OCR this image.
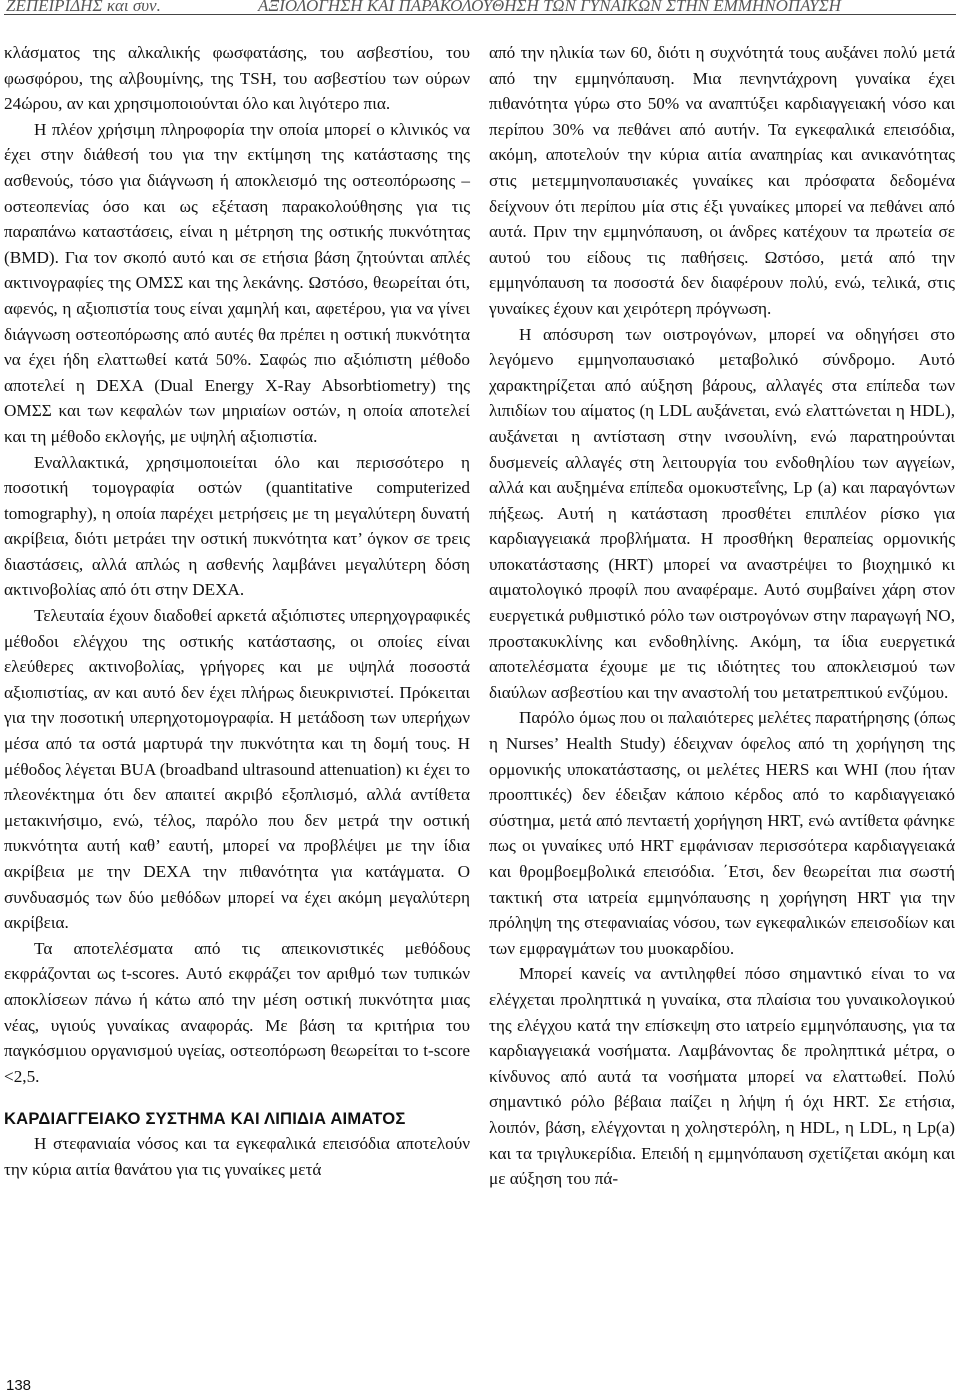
ΖΕΠΕΙΡΙΔΗΣ και συν.	ΑΞΙΟΛΟΓΗΣΗ ΚΑΙ ΠΑΡΑΚΟΛΟΥΘΗΣΗ ΤΩΝ ΓΥΝΑΙΚΩΝ ΣΤΗΝ ΕΜΜΗΝΟΠΑΥΣΗ

κλάσματος της αλκαλικής φωσφατάσης, του ασβεστίου, του φωσφόρου, της αλβουμίνης, της TSH, του ασβεστίου των ούρων 24ώρου, αν και χρησιμοποιούνται όλο και λιγότερο πια.

Η πλέον χρήσιμη πληροφορία την οποία μπορεί ο κλινικός να έχει στην διάθεσή του για την εκτίμηση της κατάστασης της ασθενούς, τόσο για διάγνωση ή αποκλεισμό της οστεοπόρωσης – οστεοπενίας όσο και ως εξέταση παρακολούθησης για τις παραπάνω καταστάσεις, είναι η μέτρηση της οστικής πυκνότητας (BMD). Για τον σκοπό αυτό και σε ετήσια βάση ζητούνται απλές ακτινογραφίες της ΟΜΣΣ και της λεκάνης. Ωστόσο, θεωρείται ότι, αφενός, η αξιοπιστία τους είναι χαμηλή και, αφετέρου, για να γίνει διάγνωση οστεοπόρωσης από αυτές θα πρέπει η οστική πυκνότητα να έχει ήδη ελαττωθεί κατά 50%. Σαφώς πιο αξιόπιστη μέθοδο αποτελεί η DEXA (Dual Energy X-Ray Absorbtiometry) της ΟΜΣΣ και των κεφαλών των μηριαίων οστών, η οποία αποτελεί και τη μέθοδο εκλογής, με υψηλή αξιοπιστία.

Εναλλακτικά, χρησιμοποιείται όλο και περισσότερο η ποσοτική τομογραφία οστών (quantitative computerized tomography), η οποία παρέχει μετρήσεις με τη μεγαλύτερη δυνατή ακρίβεια, διότι μετράει την οστική πυκνότητα κατ’ όγκον σε τρεις διαστάσεις, αλλά απλώς η ασθενής λαμβάνει μεγαλύτερη δόση ακτινοβολίας από ότι στην DEXA.

Τελευταία έχουν διαδοθεί αρκετά αξιόπιστες υπερηχογραφικές μέθοδοι ελέγχου της οστικής κατάστασης, οι οποίες είναι ελεύθερες ακτινοβολίας, γρήγορες και με υψηλά ποσοστά αξιοπιστίας, αν και αυτό δεν έχει πλήρως διευκρινιστεί. Πρόκειται για την ποσοτική υπερηχοτομογραφία. Η μετάδοση των υπερήχων μέσα από τα οστά μαρτυρά την πυκνότητα και τη δομή τους. Η μέθοδος λέγεται BUA (broadband ultrasound attenuation) κι έχει το πλεονέκτημα ότι δεν απαιτεί ακριβό εξοπλισμό, αλλά αντίθετα μετακινήσιμο, ενώ, τέλος, παρόλο που δεν μετρά την οστική πυκνότητα αυτή καθ’ εαυτή, μπορεί να προβλέψει με την ίδια ακρίβεια με την DEXA την πιθανότητα για κατάγματα. Ο συνδυασμός των δύο μεθόδων μπορεί να έχει ακόμη μεγαλύτερη ακρίβεια.

Τα αποτελέσματα από τις απεικονιστικές μεθόδους εκφράζονται ως t-scores. Αυτό εκφράζει τον αριθμό των τυπικών αποκλίσεων πάνω ή κάτω από την μέση οστική πυκνότητα μιας νέας, υγιούς γυναίκας αναφοράς. Με βάση τα κριτήρια του παγκόσμιου οργανισμού υγείας, οστεοπόρωση θεωρείται το t-score <2,5.

ΚΑΡΔΙΑΓΓΕΙΑΚΟ ΣΥΣΤΗΜΑ ΚΑΙ ΛΙΠΙΔΙΑ ΑΙΜΑΤΟΣ

Η στεφανιαία νόσος και τα εγκεφαλικά επεισόδια αποτελούν την κύρια αιτία θανάτου για τις γυναίκες μετά

από την ηλικία των 60, διότι η συχνότητά τους αυξάνει πολύ μετά από την εμμηνόπαυση. Μια πενηντάχρονη γυναίκα έχει πιθανότητα γύρω στο 50% να αναπτύξει καρδιαγγειακή νόσο και περίπου 30% να πεθάνει από αυτήν. Τα εγκεφαλικά επεισόδια, ακόμη, αποτελούν την κύρια αιτία αναπηρίας και ανικανότητας στις μετεμμηνοπαυσιακές γυναίκες και πρόσφατα δεδομένα δείχνουν ότι περίπου μία στις έξι γυναίκες μπορεί να πεθάνει από αυτά. Πριν την εμμηνόπαυση, οι άνδρες κατέχουν τα πρωτεία σε αυτού του είδους τις παθήσεις. Ωστόσο, μετά από την εμμηνόπαυση τα ποσοστά δεν διαφέρουν πολύ, ενώ, τελικά, στις γυναίκες έχουν και χειρότερη πρόγνωση.

Η απόσυρση των οιστρογόνων, μπορεί να οδηγήσει στο λεγόμενο εμμηνοπαυσιακό μεταβολικό σύνδρομο. Αυτό χαρακτηρίζεται από αύξηση βάρους, αλλαγές στα επίπεδα των λιπιδίων του αίματος (η LDL αυξάνεται, ενώ ελαττώνεται η HDL), αυξάνεται η αντίσταση στην ινσουλίνη, ενώ παρατηρούνται δυσμενείς αλλαγές στη λειτουργία του ενδοθηλίου των αγγείων, αλλά και αυξημένα επίπεδα ομοκυστεΐνης, Lp (a) και παραγόντων πήξεως. Αυτή η κατάσταση προσθέτει επιπλέον ρίσκο για καρδιαγγειακά προβλήματα. Η προσθήκη θεραπείας ορμονικής υποκατάστασης (HRT) μπορεί να αναστρέψει το βιοχημικό κι αιματολογικό προφίλ που αναφέραμε. Αυτό συμβαίνει χάρη στον ευεργετικά ρυθμιστικό ρόλο των οιστρογόνων στην παραγωγή NO, προστακυκλίνης και ενδοθηλίνης. Ακόμη, τα ίδια ευεργετικά αποτελέσματα έχουμε με τις ιδιότητες του αποκλεισμού των διαύλων ασβεστίου και την αναστολή του μετατρεπτικού ενζύμου.

Παρόλο όμως που οι παλαιότερες μελέτες παρατήρησης (όπως η Nurses’ Health Study) έδειχναν όφελος από τη χορήγηση της ορμονικής υποκατάστασης, οι μελέτες HERS και WHI (που ήταν προοπτικές) δεν έδειξαν κάποιο κέρδος από το καρδιαγγειακό σύστημα, μετά από πενταετή χορήγηση HRT, ενώ αντίθετα φάνηκε πως οι γυναίκες υπό HRT εμφάνισαν περισσότερα καρδιαγγειακά και θρομβοεμβολικά επεισόδια. ΄Ετσι, δεν θεωρείται πια σωστή τακτική στα ιατρεία εμμηνόπαυσης η χορήγηση HRT για την πρόληψη της στεφανιαίας νόσου, των εγκεφαλικών επεισοδίων και των εμφραγμάτων του μυοκαρδίου.

Μπορεί κανείς να αντιληφθεί πόσο σημαντικό είναι το να ελέγχεται προληπτικά η γυναίκα, στα πλαίσια του γυναικολογικού της ελέγχου κατά την επίσκεψη στο ιατρείο εμμηνόπαυσης, για τα καρδιαγγειακά νοσήματα. Λαμβάνοντας δε προληπτικά μέτρα, ο κίνδυνος από αυτά τα νοσήματα μπορεί να ελαττωθεί. Πολύ σημαντικό ρόλο βέβαια παίζει η λήψη ή όχι HRT. Σε ετήσια, λοιπόν, βάση, ελέγχονται η χοληστερόλη, η HDL, η LDL, η Lp(a) και τα τριγλυκερίδια. Επειδή η εμμηνόπαυση σχετίζεται ακόμη και με αύξηση του πά-

138
